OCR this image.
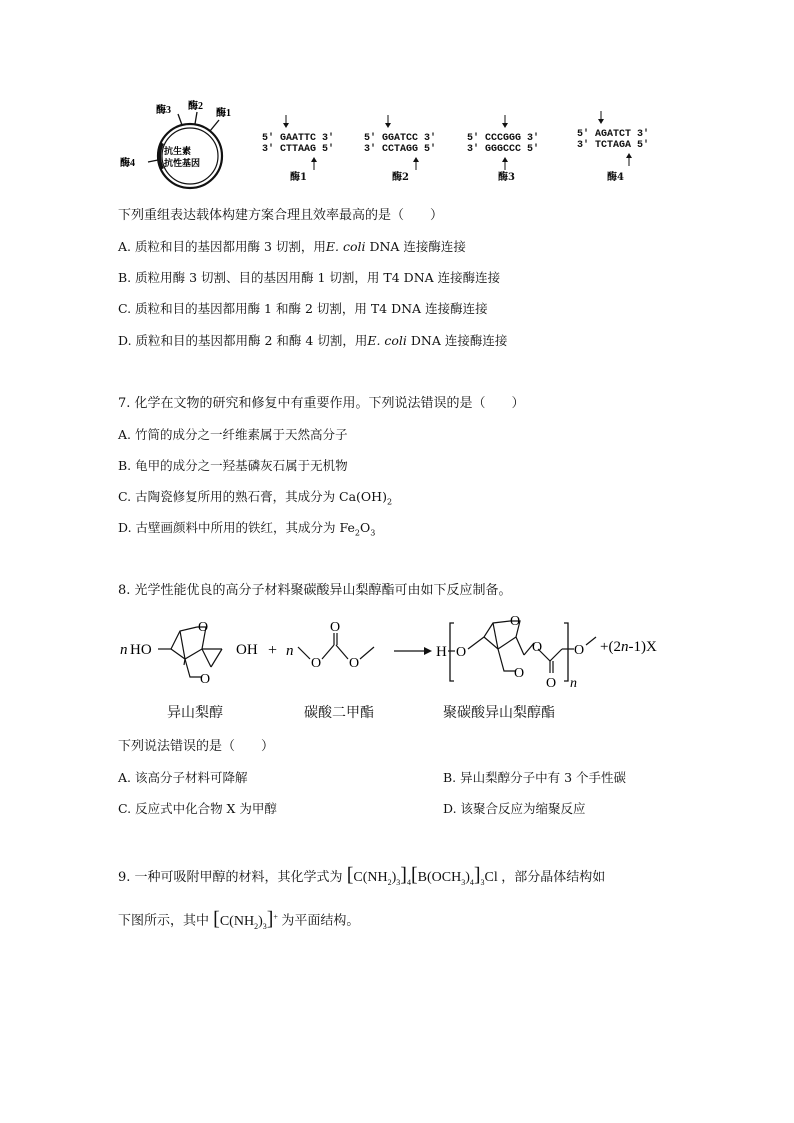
酶3 酶2
酶1
酶4
抗生素
抗性基因
5′ GAATTC 3′
3′ CTTAAG 5′
酶1
5′ GGATCC 3′
3′ CCTAGG 5′
酶2
5′ CCCGGG 3′
3′ GGGCCC 5′
酶3
5′ AGATCT 3′
3′ TCTAGA 5′
酶4
下列重组表达载体构建方案合理且效率最高的是（　　）
A. 质粒和目的基因都用酶 3 切割，用E. coli DNA 连接酶连接
B. 质粒用酶 3 切割、目的基因用酶 1 切割，用 T4 DNA 连接酶连接
C. 质粒和目的基因都用酶 1 和酶 2 切割，用 T4 DNA 连接酶连接
D. 质粒和目的基因都用酶 2 和酶 4 切割，用E. coli DNA 连接酶连接
7. 化学在文物的研究和修复中有重要作用。下列说法错误的是（　　）
A. 竹简的成分之一纤维素属于天然高分子
B. 龟甲的成分之一羟基磷灰石属于无机物
C. 古陶瓷修复所用的熟石膏，其成分为 $Ca(OH)_2$
D. 古壁画颜料中所用的铁红，其成分为 $Fe_2O_3$
8. 光学性能优良的高分子材料聚碳酸异山梨醇酯可由如下反应制备。
n HO
O
O
OH + n
O
O
O
H O
O
O
O
O n
O +(2n-1)X
异山梨醇	碳酸二甲酯	聚碳酸异山梨醇酯
下列说法错误的是（　　）
A. 该高分子材料可降解	B. 异山梨醇分子中有 3 个手性碳
C. 反应式中化合物 X 为甲醇	D. 该聚合反应为缩聚反应
9. 一种可吸附甲醇的材料，其化学式为 $[C(NH_2)_3]_4[B(OCH_3)_4]_3Cl$ ，部分晶体结构如
下图所示，其中 $[C(NH_2)_3]^+$ 为平面结构。
